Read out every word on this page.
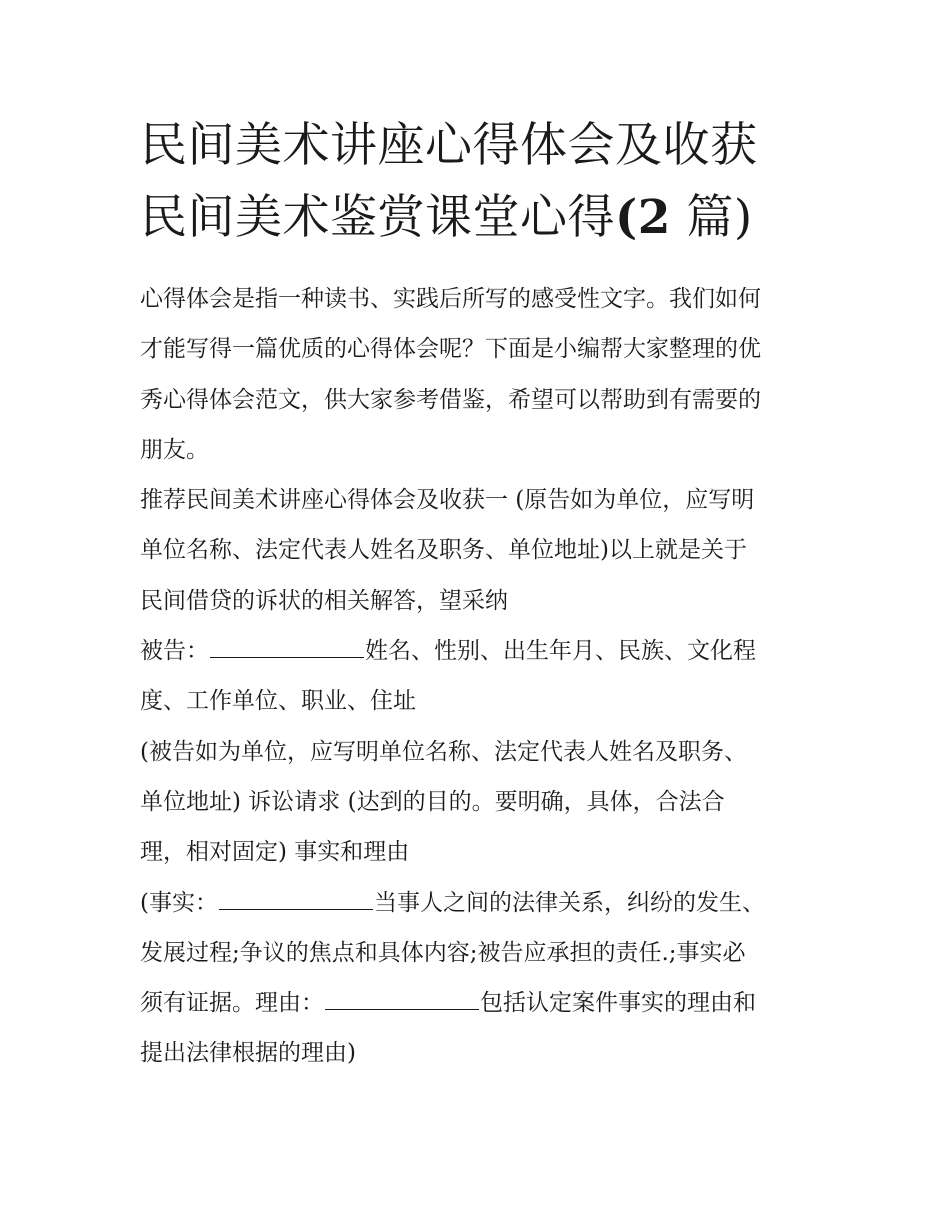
民间美术讲座心得体会及收获
民间美术鉴赏课堂心得(2 篇)

心得体会是指一种读书、实践后所写的感受性文字。我们如何

才能写得一篇优质的心得体会呢？下面是小编帮大家整理的优

秀心得体会范文，供大家参考借鉴，希望可以帮助到有需要的

朋友。

推荐民间美术讲座心得体会及收获一 (原告如为单位，应写明

单位名称、法定代表人姓名及职务、单位地址)以上就是关于

民间借贷的诉状的相关解答，望采纳

被告：	姓名、性别、出生年月、民族、文化程

度、工作单位、职业、住址

(被告如为单位，应写明单位名称、法定代表人姓名及职务、

单位地址) 诉讼请求 (达到的目的。要明确，具体，合法合

理，相对固定) 事实和理由

(事实：	当事人之间的法律关系，纠纷的发生、

发展过程;争议的焦点和具体内容;被告应承担的责任.;事实必

须有证据。理由：	包括认定案件事实的理由和

提出法律根据的理由)
